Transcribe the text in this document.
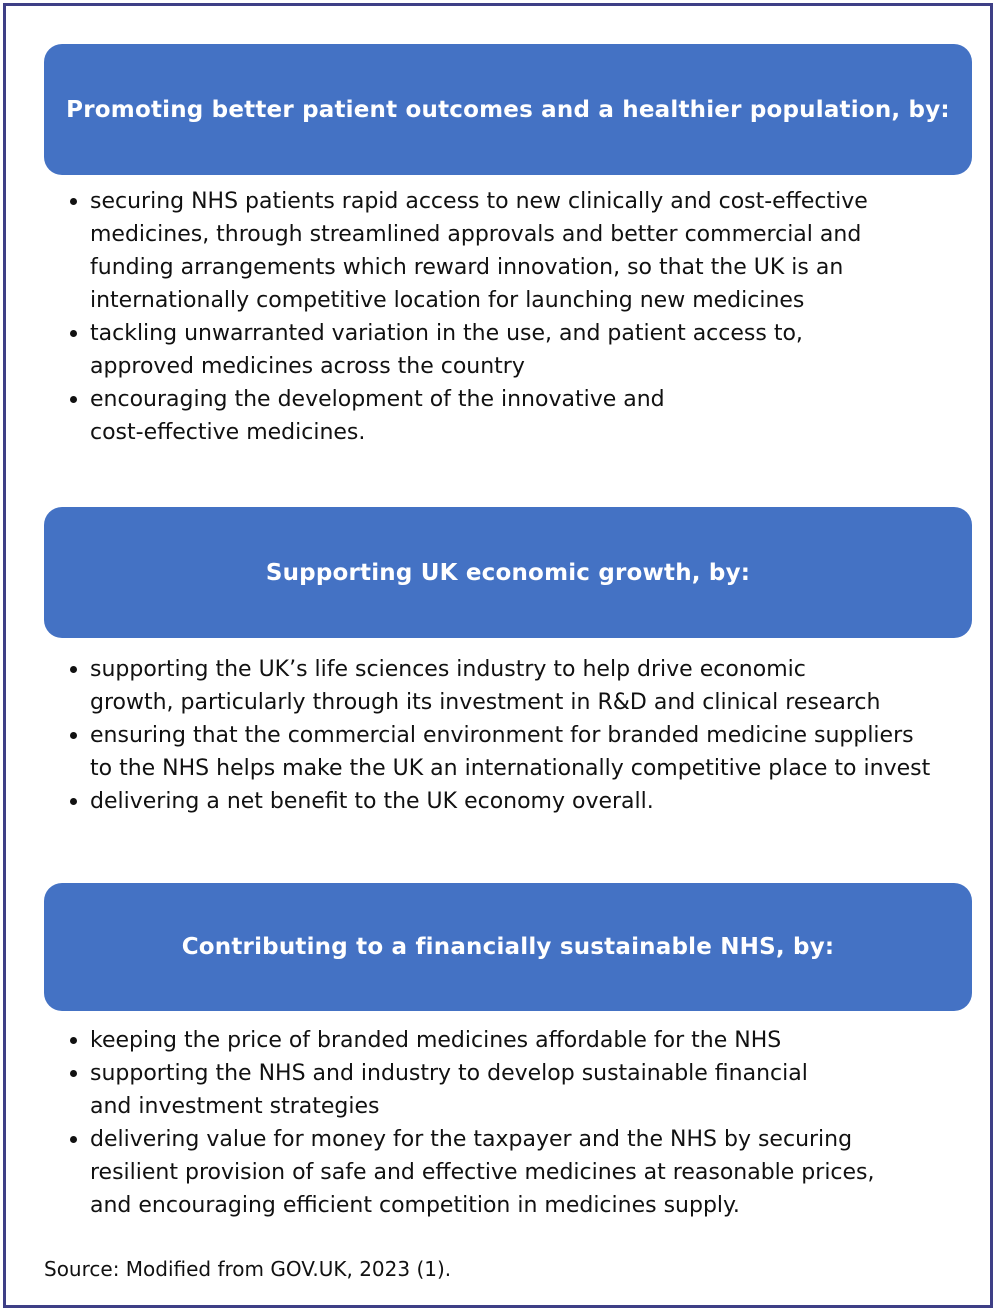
Promoting better patient outcomes and a healthier population, by:
securing NHS patients rapid access to new clinically and cost-effective
medicines, through streamlined approvals and better commercial and
funding arrangements which reward innovation, so that the UK is an
internationally competitive location for launching new medicines
tackling unwarranted variation in the use, and patient access to,
approved medicines across the country
encouraging the development of the innovative and
cost-effective medicines.
Supporting UK economic growth, by:
supporting the UK’s life sciences industry to help drive economic
growth, particularly through its investment in R&D and clinical research
ensuring that the commercial environment for branded medicine suppliers
to the NHS helps make the UK an internationally competitive place to invest
delivering a net benefit to the UK economy overall.
Contributing to a financially sustainable NHS, by:
keeping the price of branded medicines affordable for the NHS
supporting the NHS and industry to develop sustainable financial
and investment strategies
delivering value for money for the taxpayer and the NHS by securing
resilient provision of safe and effective medicines at reasonable prices,
and encouraging efficient competition in medicines supply.
Source: Modified from GOV.UK, 2023 (1).
